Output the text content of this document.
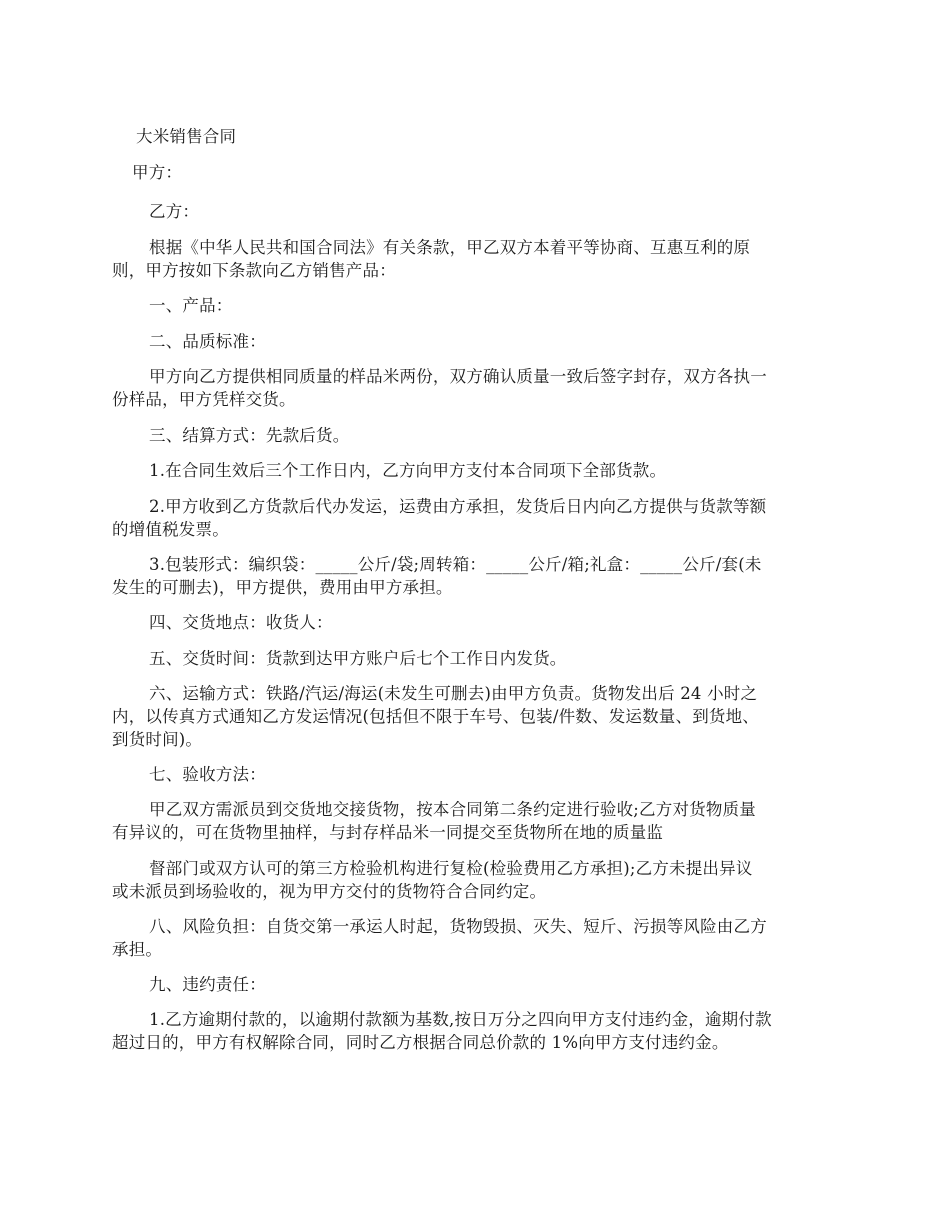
大米销售合同
甲方：
乙方：
根据《中华人民共和国合同法》有关条款，甲乙双方本着平等协商、互惠互利的原
则，甲方按如下条款向乙方销售产品：
一、产品：
二、品质标准：
甲方向乙方提供相同质量的样品米两份，双方确认质量一致后签字封存，双方各执一
份样品，甲方凭样交货。
三、结算方式：先款后货。
1.在合同生效后三个工作日内，乙方向甲方支付本合同项下全部货款。
2.甲方收到乙方货款后代办发运，运费由方承担，发货后日内向乙方提供与货款等额
的增值税发票。
3.包装形式：编织袋：_____公斤/袋;周转箱：_____公斤/箱;礼盒：_____公斤/套(未
发生的可删去)，甲方提供，费用由甲方承担。
四、交货地点：收货人：
五、交货时间：货款到达甲方账户后七个工作日内发货。
六、运输方式：铁路/汽运/海运(未发生可删去)由甲方负责。货物发出后 24 小时之
内，以传真方式通知乙方发运情况(包括但不限于车号、包装/件数、发运数量、到货地、
到货时间)。
七、验收方法：
甲乙双方需派员到交货地交接货物，按本合同第二条约定进行验收;乙方对货物质量
有异议的，可在货物里抽样，与封存样品米一同提交至货物所在地的质量监
督部门或双方认可的第三方检验机构进行复检(检验费用乙方承担);乙方未提出异议
或未派员到场验收的，视为甲方交付的货物符合合同约定。
八、风险负担：自货交第一承运人时起，货物毁损、灭失、短斤、污损等风险由乙方
承担。
九、违约责任：
1.乙方逾期付款的，以逾期付款额为基数,按日万分之四向甲方支付违约金，逾期付款
超过日的，甲方有权解除合同，同时乙方根据合同总价款的 1%向甲方支付违约金。
